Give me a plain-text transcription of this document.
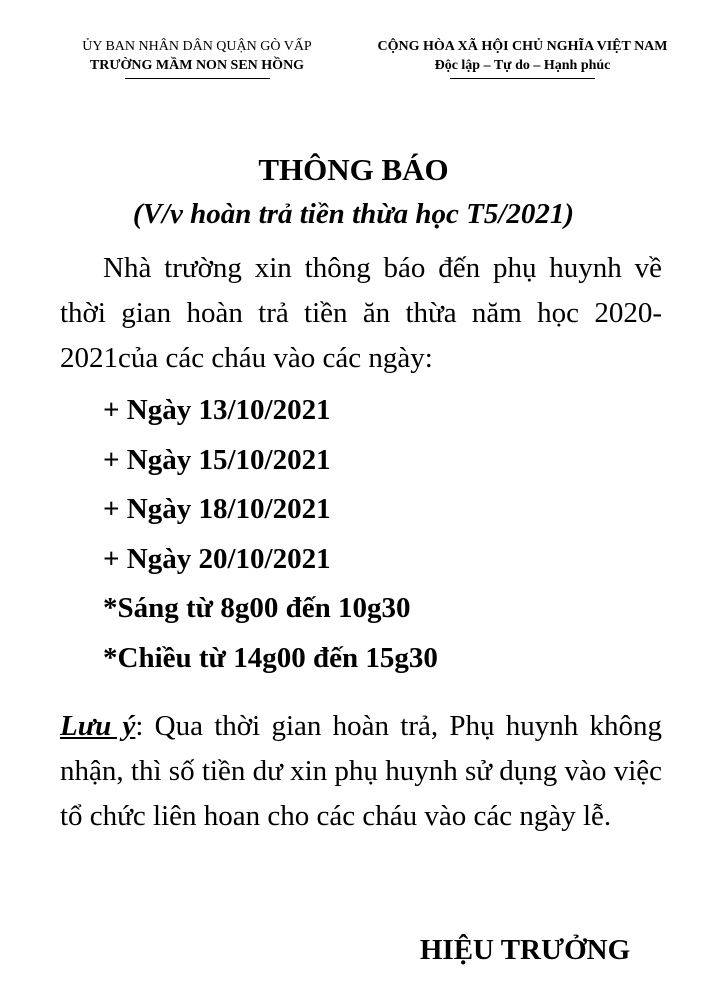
ỦY BAN NHÂN DÂN QUẬN GÒ VẤP
TRƯỜNG MẦM NON SEN HỒNG
CỘNG HÒA XÃ HỘI CHỦ NGHĨA VIỆT NAM
Độc lập – Tự do – Hạnh phúc
THÔNG BÁO
(V/v hoàn trả tiền thừa học T5/2021)
Nhà trường xin thông báo đến phụ huynh về thời gian hoàn trả tiền ăn thừa năm học 2020-2021của các cháu vào các ngày:
+ Ngày 13/10/2021
+ Ngày 15/10/2021
+ Ngày 18/10/2021
+ Ngày 20/10/2021
*Sáng từ 8g00 đến 10g30
*Chiều từ 14g00 đến 15g30
Lưu ý: Qua thời gian hoàn trả, Phụ huynh không nhận, thì số tiền dư xin phụ huynh sử dụng vào việc tổ chức liên hoan cho các cháu vào các ngày lễ.
HIỆU TRƯỞNG
